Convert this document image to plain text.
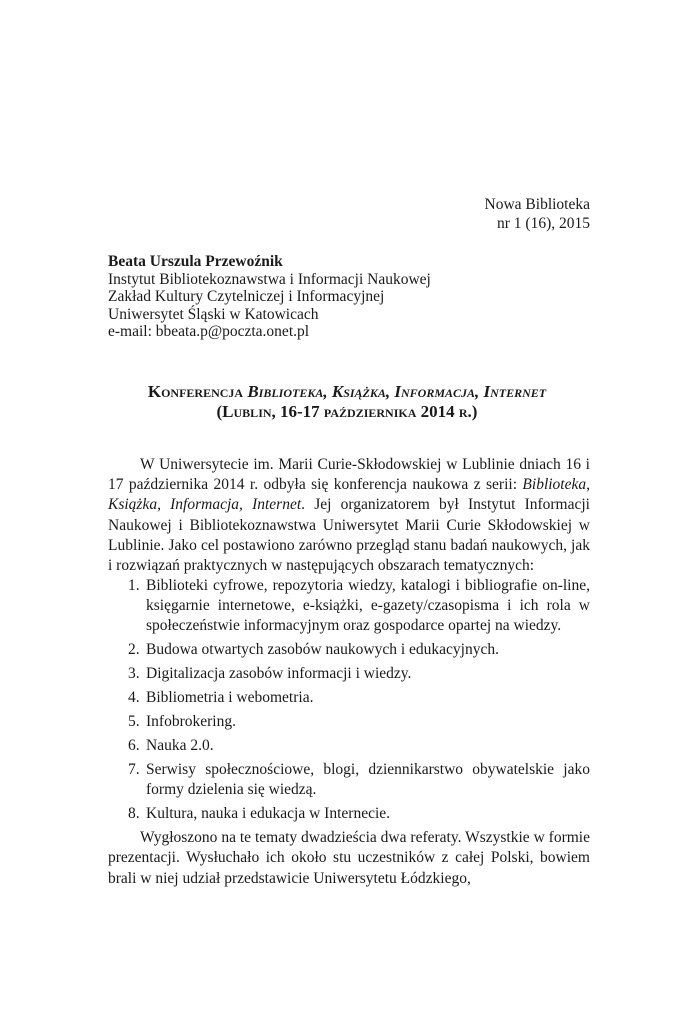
Nowa Biblioteka
nr 1 (16), 2015
Beata Urszula Przewoźnik
Instytut Bibliotekoznawstwa i Informacji Naukowej
Zakład Kultury Czytelniczej i Informacyjnej
Uniwersytet Śląski w Katowicach
e-mail: bbeata.p@poczta.onet.pl
Konferencja Biblioteka, Książka, Informacja, Internet
(Lublin, 16-17 października 2014 r.)

W Uniwersytecie im. Marii Curie-Skłodowskiej w Lublinie dniach 16 i 17 października 2014 r. odbyła się konferencja naukowa z serii: Biblioteka, Książka, Informacja, Internet. Jej organizatorem był Instytut Informacji Naukowej i Bibliotekoznawstwa Uniwersytet Marii Curie Skłodowskiej w Lublinie. Jako cel postawiono zarówno przegląd stanu badań naukowych, jak i rozwiązań praktycznych w następujących obszarach tematycznych:

1. Biblioteki cyfrowe, repozytoria wiedzy, katalogi i bibliografie on-line, księgarnie internetowe, e-książki, e-gazety/czasopisma i ich rola w społeczeństwie informacyjnym oraz gospodarce opartej na wiedzy.
2. Budowa otwartych zasobów naukowych i edukacyjnych.
3. Digitalizacja zasobów informacji i wiedzy.
4. Bibliometria i webometria.
5. Infobrokering.
6. Nauka 2.0.
7. Serwisy społecznościowe, blogi, dziennikarstwo obywatelskie jako formy dzielenia się wiedzą.
8. Kultura, nauka i edukacja w Internecie.

Wygłoszono na te tematy dwadzieścia dwa referaty. Wszystkie w formie prezentacji. Wysłuchało ich około stu uczestników z całej Polski, bowiem brali w niej udział przedstawicie Uniwersytetu Łódzkiego,
